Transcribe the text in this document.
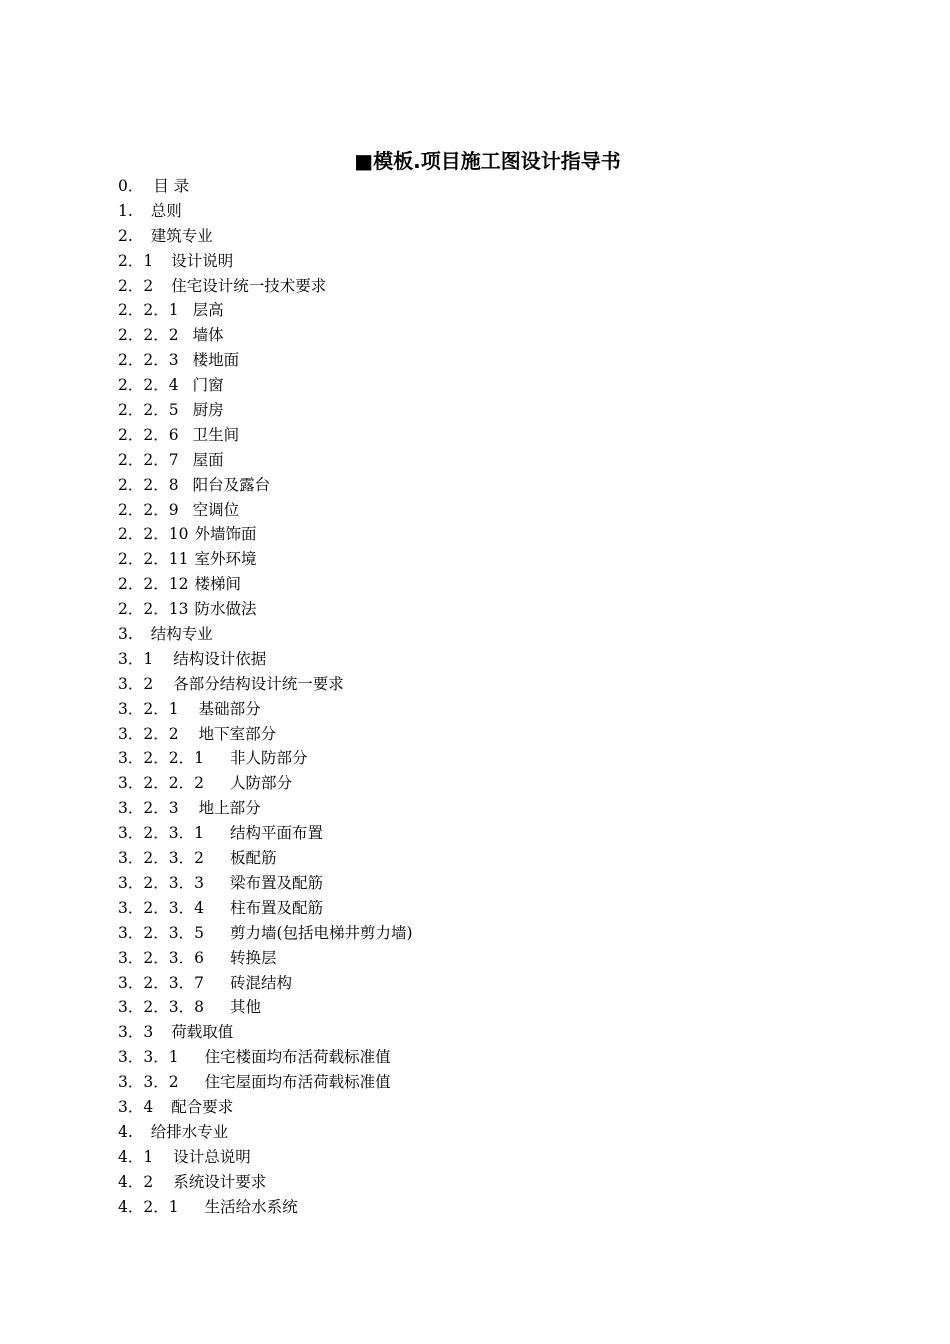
■模板.项目施工图设计指导书
0． 目 录
1. 总则
2. 建筑专业
2．1 设计说明
2．2 住宅设计统一技术要求
2．2．1 层高
2．2．2 墙体
2．2．3 楼地面
2．2．4 门窗
2．2．5 厨房
2．2．6 卫生间
2．2．7 屋面
2．2．8 阳台及露台
2．2．9 空调位
2．2．10 外墙饰面
2．2．11 室外环境
2．2．12 楼梯间
2．2．13 防水做法
3. 结构专业
3．1 结构设计依据
3．2 各部分结构设计统一要求
3．2．1 基础部分
3．2．2 地下室部分
3．2．2．1 非人防部分
3．2．2．2 人防部分
3．2．3 地上部分
3．2．3．1 结构平面布置
3．2．3．2 板配筋
3．2．3．3 梁布置及配筋
3．2．3．4 柱布置及配筋
3．2．3．5 剪力墙(包括电梯井剪力墙)
3．2．3．6 转换层
3．2．3．7 砖混结构
3．2．3．8 其他
3．3 荷载取值
3．3．1 住宅楼面均布活荷载标准值
3．3．2 住宅屋面均布活荷载标准值
3．4 配合要求
4. 给排水专业
4．1 设计总说明
4．2 系统设计要求
4．2．1 生活给水系统
